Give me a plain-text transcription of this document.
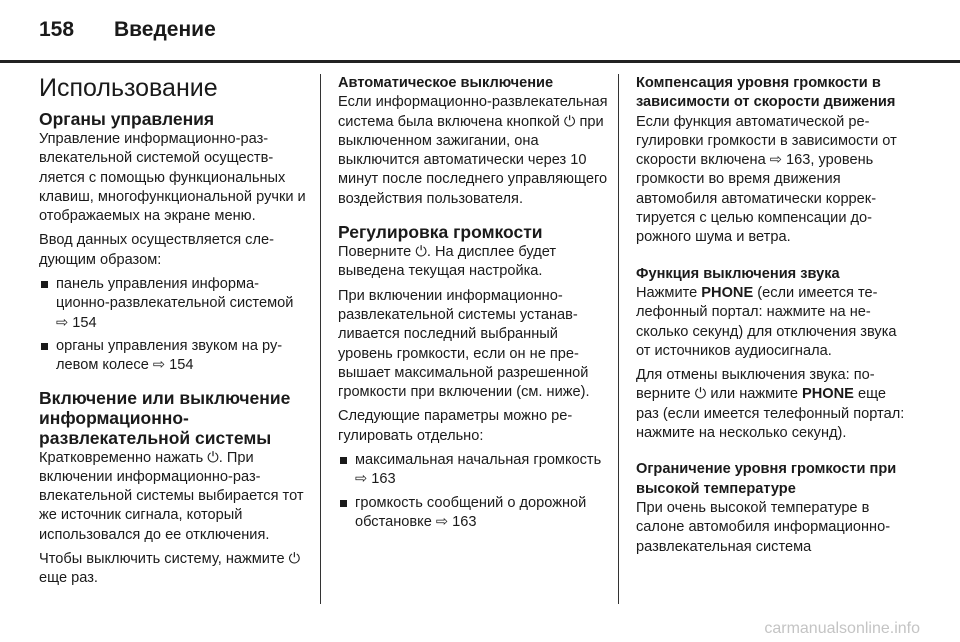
158 Введение
Использование
Органы управления

Управление информационно-развлекательной системой осуществляется с помощью функциональных клавиш, многофункциональной ручки и отображаемых на экране меню.

Ввод данных осуществляется следующим образом:

панель управления информационно-развлекательной системой ⇨ 154
органы управления звуком на рулевом колесе ⇨ 154
Включение или выключение информационно-развлекательной системы

Кратковременно нажать ⏻. При включении информационно-развлекательной системы выбирается тот же источник сигнала, который использовался до ее отключения.

Чтобы выключить систему, нажмите ⏻ еще раз.

Автоматическое выключение

Если информационно-развлекательная система была включена кнопкой ⏻ при выключенном зажигании, она выключится автоматически через 10 минут после последнего управляющего воздействия пользователя.

Регулировка громкости

Поверните ⏻. На дисплее будет выведена текущая настройка.

При включении информационно-развлекательной системы устанавливается последний выбранный уровень громкости, если он не превышает максимальной разрешенной громкости при включении (см. ниже).

Следующие параметры можно регулировать отдельно:

максимальная начальная громкость ⇨ 163
громкость сообщений о дорожной обстановке ⇨ 163
Компенсация уровня громкости в зависимости от скорости движения

Если функция автоматической регулировки громкости в зависимости от скорости включена ⇨ 163, уровень громкости во время движения автомобиля автоматически корректируется с целью компенсации дорожного шума и ветра.

Функция выключения звука

Нажмите PHONE (если имеется телефонный портал: нажмите на несколько секунд) для отключения звука от источников аудиосигнала.

Для отмены выключения звука: поверните ⏻ или нажмите PHONE еще раз (если имеется телефонный портал: нажмите на несколько секунд).

Ограничение уровня громкости при высокой температуре

При очень высокой температуре в салоне автомобиля информационно-развлекательная система

carmanualsonline.info
